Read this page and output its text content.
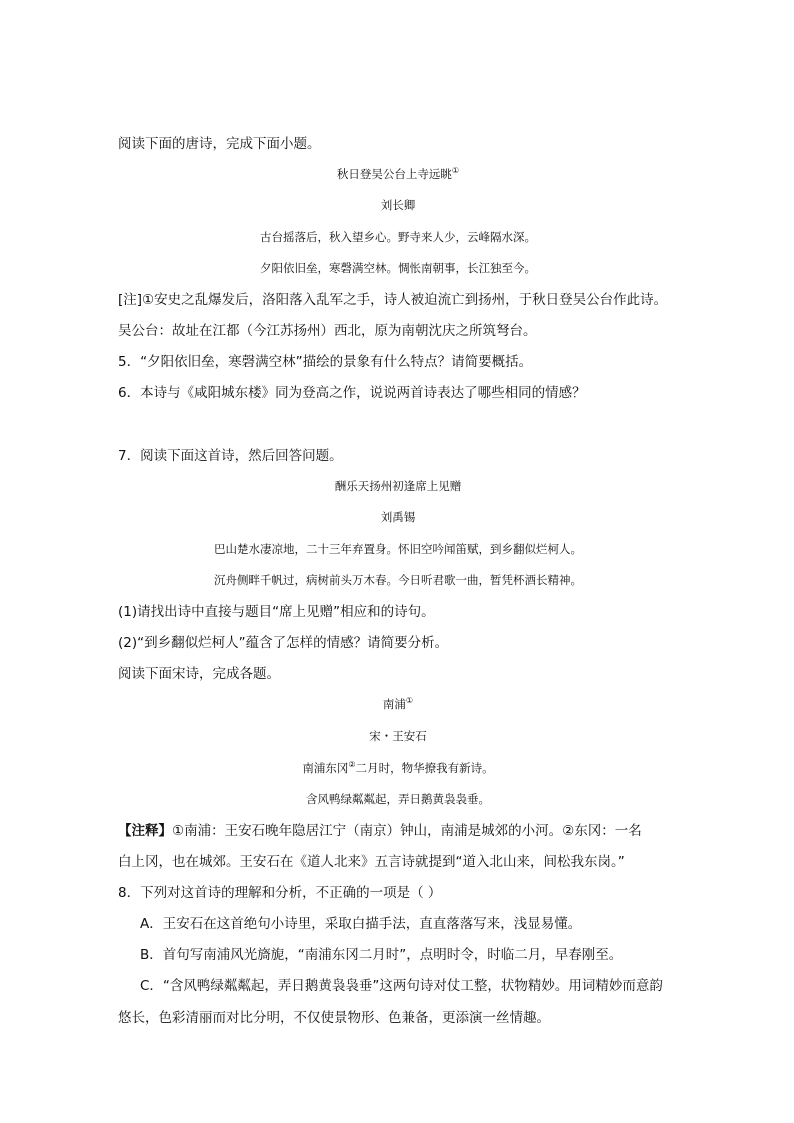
阅读下面的唐诗，完成下面小题。
秋日登吴公台上寺远眺①
刘长卿
古台摇落后，秋入望乡心。野寺来人少，云峰隔水深。
夕阳依旧垒，寒磬满空林。惆怅南朝事，长江独至今。
[注]①安史之乱爆发后，洛阳落入乱军之手，诗人被迫流亡到扬州，于秋日登吴公台作此诗。
吴公台：故址在江都（今江苏扬州）西北，原为南朝沈庆之所筑弩台。
5．“夕阳依旧垒，寒磬满空林”描绘的景象有什么特点？请简要概括。
6．本诗与《咸阳城东楼》同为登高之作，说说两首诗表达了哪些相同的情感？
7．阅读下面这首诗，然后回答问题。
酬乐天扬州初逢席上见赠
刘禹锡
巴山楚水凄凉地，二十三年弃置身。怀旧空吟闻笛赋，到乡翻似烂柯人。
沉舟侧畔千帆过，病树前头万木春。今日听君歌一曲，暂凭杯酒长精神。
(1)请找出诗中直接与题目“席上见赠”相应和的诗句。
(2)“到乡翻似烂柯人”蕴含了怎样的情感？请简要分析。
阅读下面宋诗，完成各题。
南浦①
宋・王安石
南浦东冈②二月时，物华撩我有新诗。
含风鸭绿粼粼起，弄日鹅黄袅袅垂。
【注释】①南浦：王安石晚年隐居江宁（南京）钟山，南浦是城郊的小河。②东冈：一名
白上冈，也在城郊。王安石在《道人北来》五言诗就提到“道入北山来，间松我东岗。”
8．下列对这首诗的理解和分析，不正确的一项是（ ）
A．王安石在这首绝句小诗里，采取白描手法，直直落落写来，浅显易懂。
B．首句写南浦风光旖旎，“南浦东冈二月时”，点明时令，时临二月，早春刚至。
C．“含风鸭绿粼粼起，弄日鹅黄袅袅垂”这两句诗对仗工整，状物精妙。用词精妙而意韵
悠长，色彩清丽而对比分明，不仅使景物形、色兼备，更添演一丝情趣。
